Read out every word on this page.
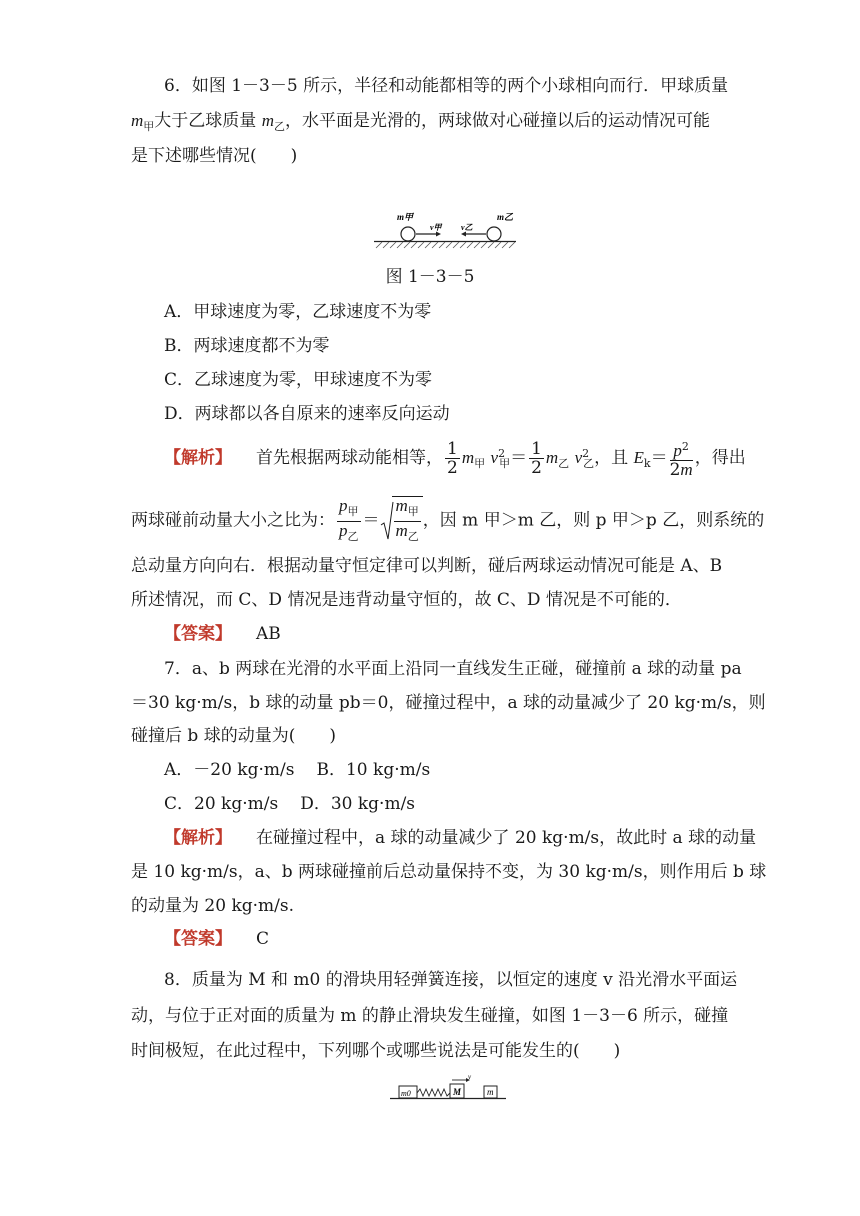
6．如图 1－3－5 所示，半径和动能都相等的两个小球相向而行．甲球质量
$m_甲$大于乙球质量 $m_乙$，水平面是光滑的，两球做对心碰撞以后的运动情况可能
是下述哪些情况(　　)
m甲
v甲 v乙
m乙
图 1－3－5
A．甲球速度为零，乙球速度不为零
B．两球速度都不为零
C．乙球速度为零，甲球速度不为零
D．两球都以各自原来的速率反向运动
【解析】 首先根据两球动能相等， $\frac{1}{2} m_甲$ $v^2_甲= \frac{1}{2} m_乙$ $v^2_乙$，且 $E_k= \frac{p^2}{2m}$ ，得出
两球碰前动量大小之比为： $\frac{p_甲}{p_乙} = \frac{m_甲}{m_乙}$ ，因 m 甲＞m 乙，则 p 甲＞p 乙，则系统的
总动量方向向右．根据动量守恒定律可以判断，碰后两球运动情况可能是 A、B
所述情况，而 C、D 情况是违背动量守恒的，故 C、D 情况是不可能的．
【答案】 AB
7．a、b 两球在光滑的水平面上沿同一直线发生正碰，碰撞前 a 球的动量 pa
＝30 kg·m/s，b 球的动量 pb＝0，碰撞过程中，a 球的动量减少了 20 kg·m/s，则
碰撞后 b 球的动量为(　　)
A．－20 kg·m/s B．10 kg·m/s
C．20 kg·m/s D．30 kg·m/s
【解析】 在碰撞过程中，a 球的动量减少了 20 kg·m/s，故此时 a 球的动量
是 10 kg·m/s，a、b 两球碰撞前后总动量保持不变，为 30 kg·m/s，则作用后 b 球
的动量为 20 kg·m/s.
【答案】 C
8．质量为 M 和 m0 的滑块用轻弹簧连接，以恒定的速度 v 沿光滑水平面运
动，与位于正对面的质量为 m 的静止滑块发生碰撞，如图 1－3－6 所示，碰撞
时间极短，在此过程中，下列哪个或哪些说法是可能发生的(　　)
m0	M
v
m
